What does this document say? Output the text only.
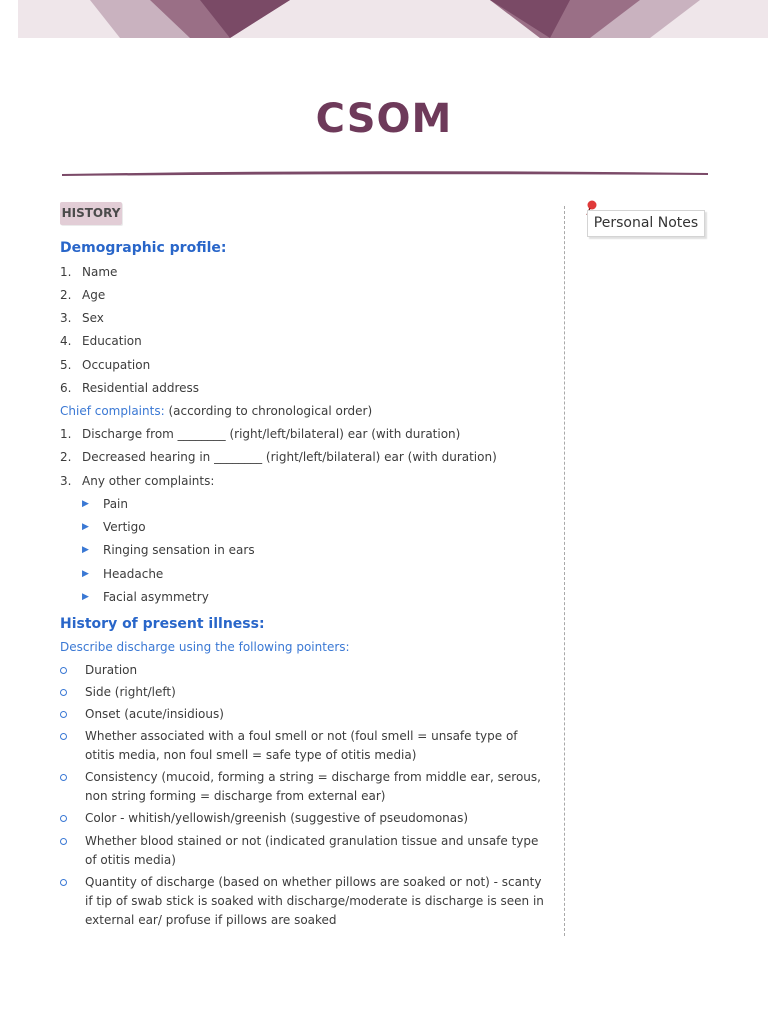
CSOM
HISTORY
Personal Notes

Demographic profile:

1. Name

2. Age

3. Sex

4. Education

5. Occupation

6. Residential address

Chief complaints: (according to chronological order)

1. Discharge from ________ (right/left/bilateral) ear (with duration)

2. Decreased hearing in ________ (right/left/bilateral) ear (with duration)

3. Any other complaints:

▶ Pain

▶ Vertigo

▶ Ringing sensation in ears

▶ Headache

▶ Facial asymmetry

History of present illness:

Describe discharge using the following pointers:

Duration

Side (right/left)

Onset (acute/insidious)

Whether associated with a foul smell or not (foul smell = unsafe type of otitis media, non foul smell = safe type of otitis media)

Consistency (mucoid, forming a string = discharge from middle ear, serous, non string forming = discharge from external ear)

Color - whitish/yellowish/greenish (suggestive of pseudomonas)

Whether blood stained or not (indicated granulation tissue and unsafe type of otitis media)

Quantity of discharge (based on whether pillows are soaked or not) - scanty if tip of swab stick is soaked with discharge/moderate is discharge is seen in external ear/ profuse if pillows are soaked
